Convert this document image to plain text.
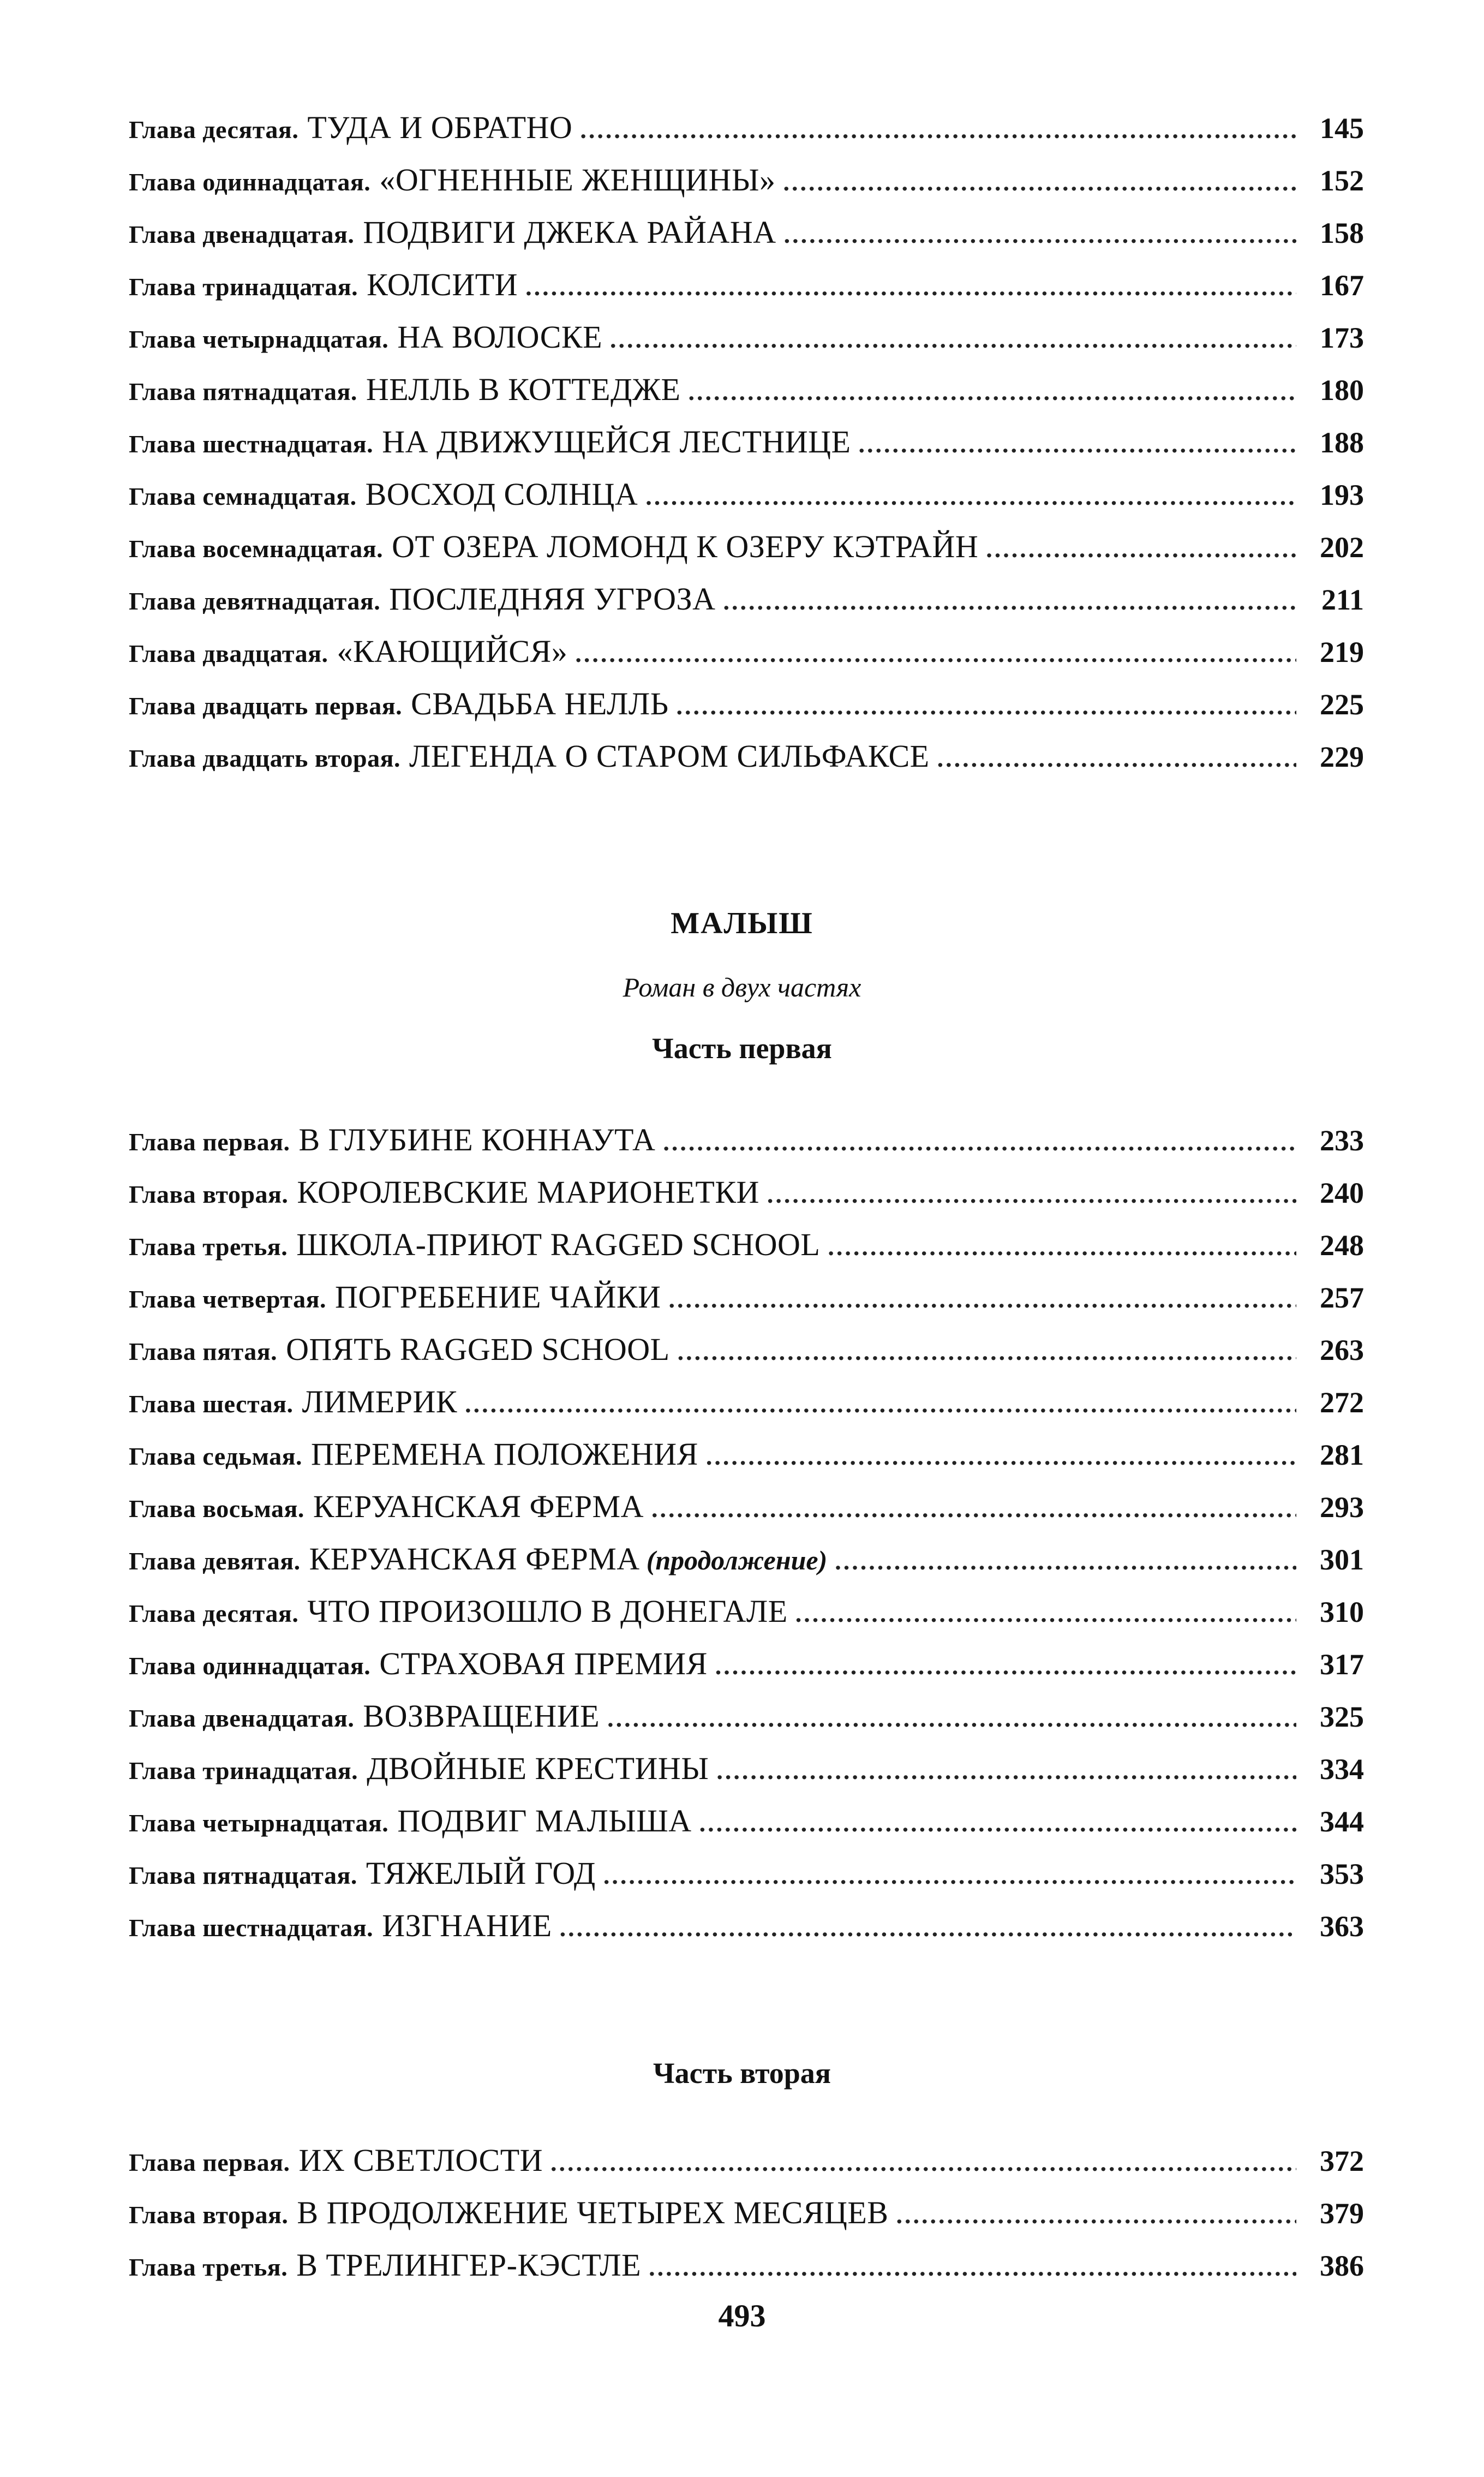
Глава десятая. ТУДА И ОБРАТНО .....	145
Глава одиннадцатая. «ОГНЕННЫЕ ЖЕНЩИНЫ» .....	152
Глава двенадцатая. ПОДВИГИ ДЖЕКА РАЙАНА .....	158
Глава тринадцатая. КОЛСИТИ .....	167
Глава четырнадцатая. НА ВОЛОСКЕ .....	173
Глава пятнадцатая. НЕЛЛЬ В КОТТЕДЖЕ .....	180
Глава шестнадцатая. НА ДВИЖУЩЕЙСЯ ЛЕСТНИЦЕ .....	188
Глава семнадцатая. ВОСХОД СОЛНЦА .....	193
Глава восемнадцатая. ОТ ОЗЕРА ЛОМОНД К ОЗЕРУ КЭТРАЙН .....	202
Глава девятнадцатая. ПОСЛЕДНЯЯ УГРОЗА .....	211
Глава двадцатая. «КАЮЩИЙСЯ» .....	219
Глава двадцать первая. СВАДЬБА НЕЛЛЬ .....	225
Глава двадцать вторая. ЛЕГЕНДА О СТАРОМ СИЛЬФАКСЕ .....	229
МАЛЫШ
Роман в двух частях
Часть первая
Глава первая. В ГЛУБИНЕ КОННАУТА .....	233
Глава вторая. КОРОЛЕВСКИЕ МАРИОНЕТКИ .....	240
Глава третья. ШКОЛА-ПРИЮТ RAGGED SCHOOL .....	248
Глава четвертая. ПОГРЕБЕНИЕ ЧАЙКИ .....	257
Глава пятая. ОПЯТЬ RAGGED SCHOOL .....	263
Глава шестая. ЛИМЕРИК .....	272
Глава седьмая. ПЕРЕМЕНА ПОЛОЖЕНИЯ .....	281
Глава восьмая. КЕРУАНСКАЯ ФЕРМА .....	293
Глава девятая. КЕРУАНСКАЯ ФЕРМА (продолжение) .....	301
Глава десятая. ЧТО ПРОИЗОШЛО В ДОНЕГАЛЕ .....	310
Глава одиннадцатая. СТРАХОВАЯ ПРЕМИЯ .....	317
Глава двенадцатая. ВОЗВРАЩЕНИЕ .....	325
Глава тринадцатая. ДВОЙНЫЕ КРЕСТИНЫ .....	334
Глава четырнадцатая. ПОДВИГ МАЛЫША .....	344
Глава пятнадцатая. ТЯЖЕЛЫЙ ГОД .....	353
Глава шестнадцатая. ИЗГНАНИЕ .....	363
Часть вторая
Глава первая. ИХ СВЕТЛОСТИ .....	372
Глава вторая. В ПРОДОЛЖЕНИЕ ЧЕТЫРЕХ МЕСЯЦЕВ .....	379
Глава третья. В ТРЕЛИНГЕР-КЭСТЛЕ .....	386
493
